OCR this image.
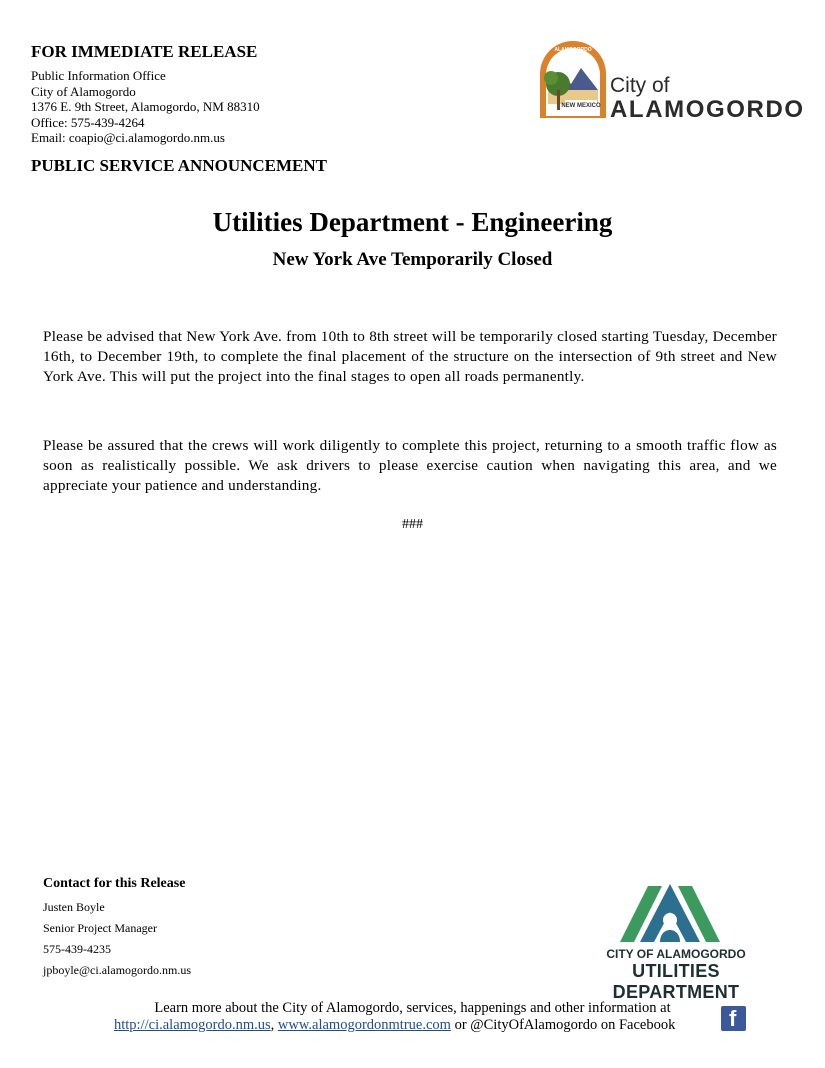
FOR IMMEDIATE RELEASE
Public Information Office
City of Alamogordo
1376 E. 9th Street, Alamogordo, NM 88310
Office: 575-439-4264
Email: coapio@ci.alamogordo.nm.us
PUBLIC SERVICE ANNOUNCEMENT
NEW MEXICO
ALAMOGORDO
City of
ALAMOGORDO
Utilities Department - Engineering
New York Ave Temporarily Closed
Please be advised that New York Ave. from 10th to 8th street will be temporarily closed starting Tuesday, December 16th, to December 19th, to complete the final placement of the structure on the intersection of 9th street and New York Ave. This will put the project into the final stages to open all roads permanently.
Please be assured that the crews will work diligently to complete this project, returning to a smooth traffic flow as soon as realistically possible. We ask drivers to please exercise caution when navigating this area, and we appreciate your patience and understanding.
###
Contact for this Release
Justen Boyle
Senior Project Manager
575-439-4235
jpboyle@ci.alamogordo.nm.us
CITY OF ALAMOGORDO
UTILITIES DEPARTMENT
Learn more about the City of Alamogordo, services, happenings and other information at
http://ci.alamogordo.nm.us, www.alamogordonmtrue.com or @CityOfAlamogordo on Facebook f
